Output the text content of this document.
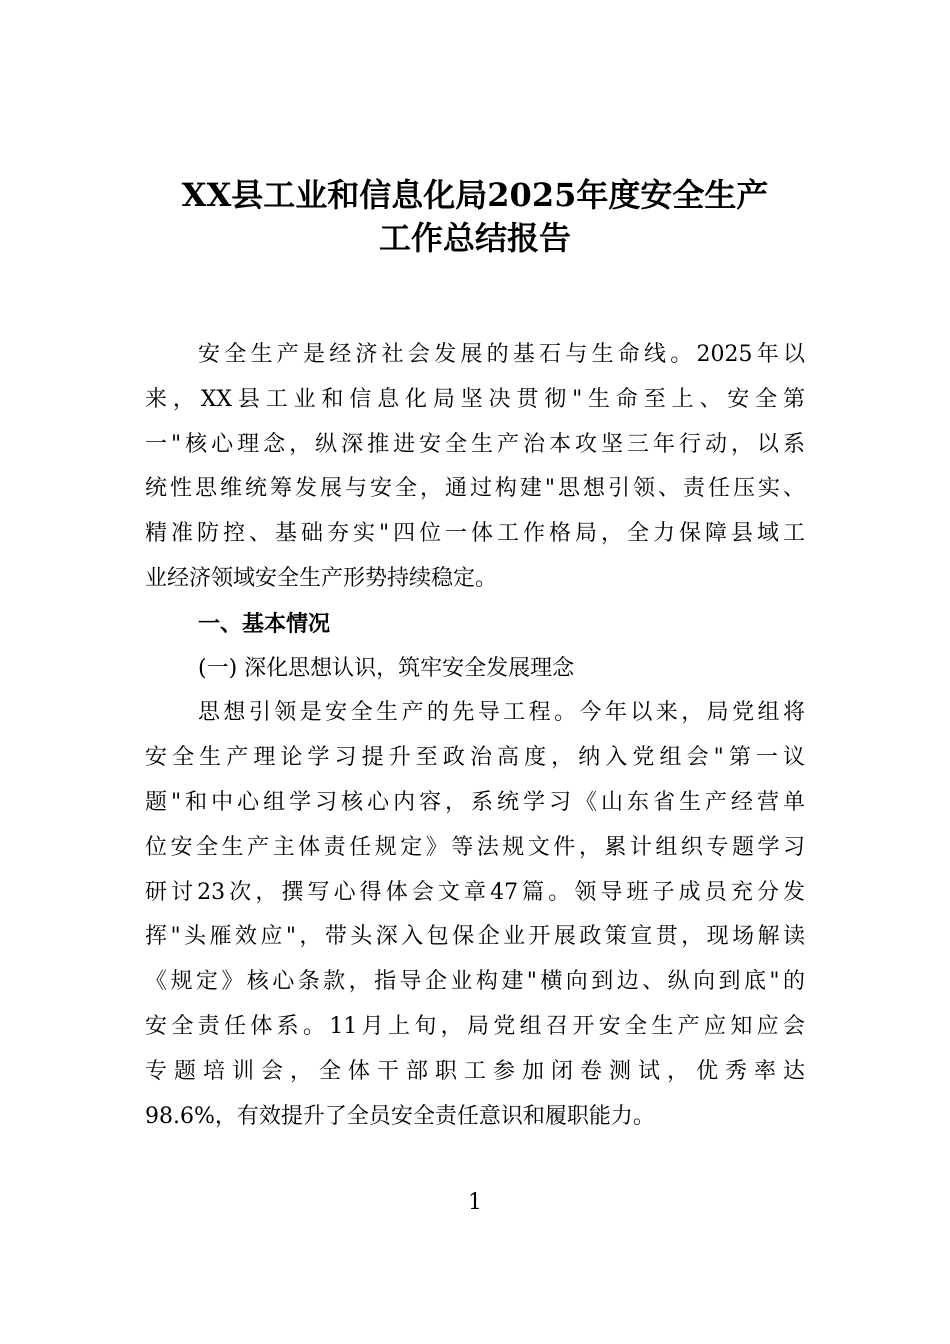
XX县工业和信息化局2025年度安全生产
工作总结报告
安全生产是经济社会发展的基石与生命线。2025年以
来，XX县工业和信息化局坚决贯彻"生命至上、安全第
一"核心理念，纵深推进安全生产治本攻坚三年行动，以系
统性思维统筹发展与安全，通过构建"思想引领、责任压实、
精准防控、基础夯实"四位一体工作格局，全力保障县域工
业经济领域安全生产形势持续稳定。
一、基本情况
(一) 深化思想认识，筑牢安全发展理念
思想引领是安全生产的先导工程。今年以来，局党组将
安全生产理论学习提升至政治高度，纳入党组会"第一议
题"和中心组学习核心内容，系统学习《山东省生产经营单
位安全生产主体责任规定》等法规文件，累计组织专题学习
研讨23次，撰写心得体会文章47篇。领导班子成员充分发
挥"头雁效应"，带头深入包保企业开展政策宣贯，现场解读
《规定》核心条款，指导企业构建"横向到边、纵向到底"的
安全责任体系。11月上旬，局党组召开安全生产应知应会
专题培训会，全体干部职工参加闭卷测试，优秀率达
98.6%，有效提升了全员安全责任意识和履职能力。
1
